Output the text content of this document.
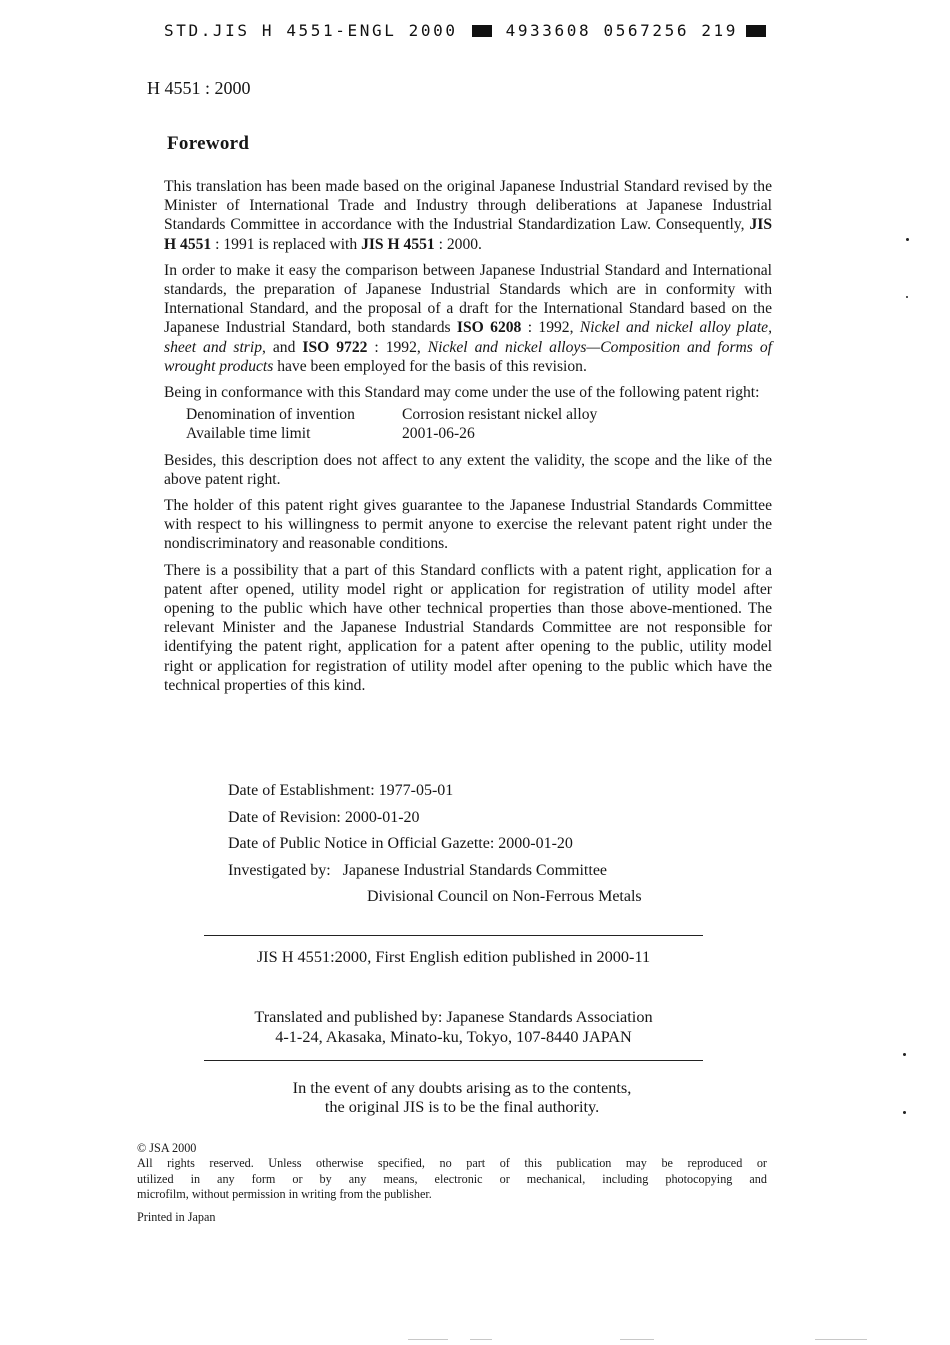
STD.JIS H 4551-ENGL 2000	4933608 0567256 219
H 4551 : 2000
Foreword

This translation has been made based on the original Japanese Industrial Standard revised by the Minister of International Trade and Industry through deliberations at Japanese Industrial Standards Committee in accordance with the Industrial Standardization Law. Consequently, JIS H 4551 : 1991 is replaced with JIS H 4551 : 2000.

In order to make it easy the comparison between Japanese Industrial Standard and International standards, the preparation of Japanese Industrial Standards which are in conformity with International Standard, and the proposal of a draft for the International Standard based on the Japanese Industrial Standard, both standards ISO 6208 : 1992, Nickel and nickel alloy plate, sheet and strip, and ISO 9722 : 1992, Nickel and nickel alloys—Composition and forms of wrought products have been employed for the basis of this revision.

Being in conformance with this Standard may come under the use of the following patent right:

Denomination of invention	Corrosion resistant nickel alloy
Available time limit	2001-06-26

Besides, this description does not affect to any extent the validity, the scope and the like of the above patent right.

The holder of this patent right gives guarantee to the Japanese Industrial Standards Committee with respect to his willingness to permit anyone to exercise the relevant patent right under the nondiscriminatory and reasonable conditions.

There is a possibility that a part of this Standard conflicts with a patent right, application for a patent after opened, utility model right or application for registration of utility model after opening to the public which have other technical properties than those above-mentioned. The relevant Minister and the Japanese Industrial Standards Committee are not responsible for identifying the patent right, application for a patent after opening to the public, utility model right or application for registration of utility model after opening to the public which have the technical properties of this kind.

Date of Establishment: 1977-05-01
Date of Revision: 2000-01-20
Date of Public Notice in Official Gazette: 2000-01-20
Investigated by: Japanese Industrial Standards Committee
Divisional Council on Non-Ferrous Metals
JIS H 4551:2000, First English edition published in 2000-11
Translated and published by: Japanese Standards Association
4-1-24, Akasaka, Minato-ku, Tokyo, 107-8440 JAPAN
In the event of any doubts arising as to the contents,
the original JIS is to be the final authority.
© JSA 2000
All rights reserved. Unless otherwise specified, no part of this publication may be reproduced or
utilized in any form or by any means, electronic or mechanical, including photocopying and
microfilm, without permission in writing from the publisher.
Printed in Japan
